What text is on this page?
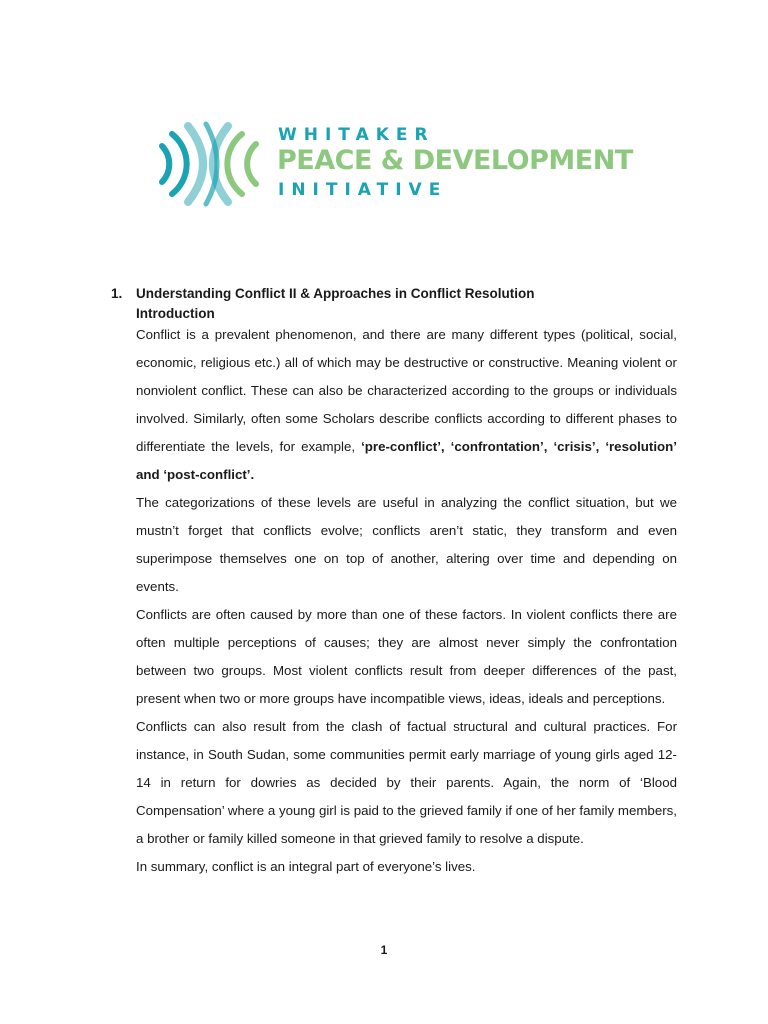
WHITAKER
PEACE & DEVELOPMENT
INITIATIVE
1. Understanding Conflict II & Approaches in Conflict Resolution
Introduction

Conflict is a prevalent phenomenon, and there are many different types (political, social, economic, religious etc.) all of which may be destructive or constructive. Meaning violent or nonviolent conflict. These can also be characterized according to the groups or individuals involved. Similarly, often some Scholars describe conflicts according to different phases to differentiate the levels, for example, ‘pre-conflict’, ‘confrontation’, ‘crisis’, ‘resolution’ and ‘post-conflict’.

The categorizations of these levels are useful in analyzing the conflict situation, but we mustn’t forget that conflicts evolve; conflicts aren’t static, they transform and even superimpose themselves one on top of another, altering over time and depending on events.

Conflicts are often caused by more than one of these factors. In violent conflicts there are often multiple perceptions of causes; they are almost never simply the confrontation between two groups. Most violent conflicts result from deeper differences of the past, present when two or more groups have incompatible views, ideas, ideals and perceptions.

Conflicts can also result from the clash of factual structural and cultural practices. For instance, in South Sudan, some communities permit early marriage of young girls aged 12-14 in return for dowries as decided by their parents. Again, the norm of ‘Blood Compensation’ where a young girl is paid to the grieved family if one of her family members, a brother or family killed someone in that grieved family to resolve a dispute.

In summary, conflict is an integral part of everyone’s lives.

1
